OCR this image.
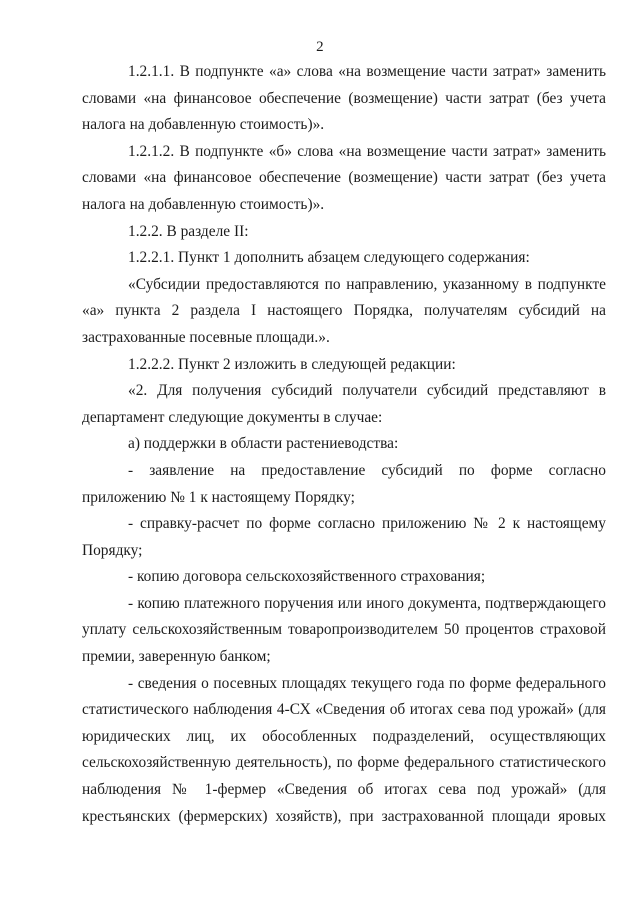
2

1.2.1.1. В подпункте «а» слова «на возмещение части затрат» заменить словами «на финансовое обеспечение (возмещение) части затрат (без учета налога на добавленную стоимость)».

1.2.1.2. В подпункте «б» слова «на возмещение части затрат» заменить словами «на финансовое обеспечение (возмещение) части затрат (без учета налога на добавленную стоимость)».

1.2.2. В разделе II:

1.2.2.1. Пункт 1 дополнить абзацем следующего содержания:

«Субсидии предоставляются по направлению, указанному в подпункте «а» пункта 2 раздела I настоящего Порядка, получателям субсидий на застрахованные посевные площади.».

1.2.2.2. Пункт 2 изложить в следующей редакции:

«2. Для получения субсидий получатели субсидий представляют в департамент следующие документы в случае:

а) поддержки в области растениеводства:

- заявление на предоставление субсидий по форме согласно приложению № 1 к настоящему Порядку;

- справку-расчет по форме согласно приложению № 2 к настоящему Порядку;

- копию договора сельскохозяйственного страхования;

- копию платежного поручения или иного документа, подтверждающего уплату сельскохозяйственным товаропроизводителем 50 процентов страховой премии, заверенную банком;

- сведения о посевных площадях текущего года по форме федерального статистического наблюдения 4-СХ «Сведения об итогах сева под урожай» (для юридических лиц, их обособленных подразделений, осуществляющих сельскохозяйственную деятельность), по форме федерального статистического наблюдения № 1-фермер «Сведения об итогах сева под урожай» (для крестьянских (фермерских) хозяйств), при застрахованной площади яровых
